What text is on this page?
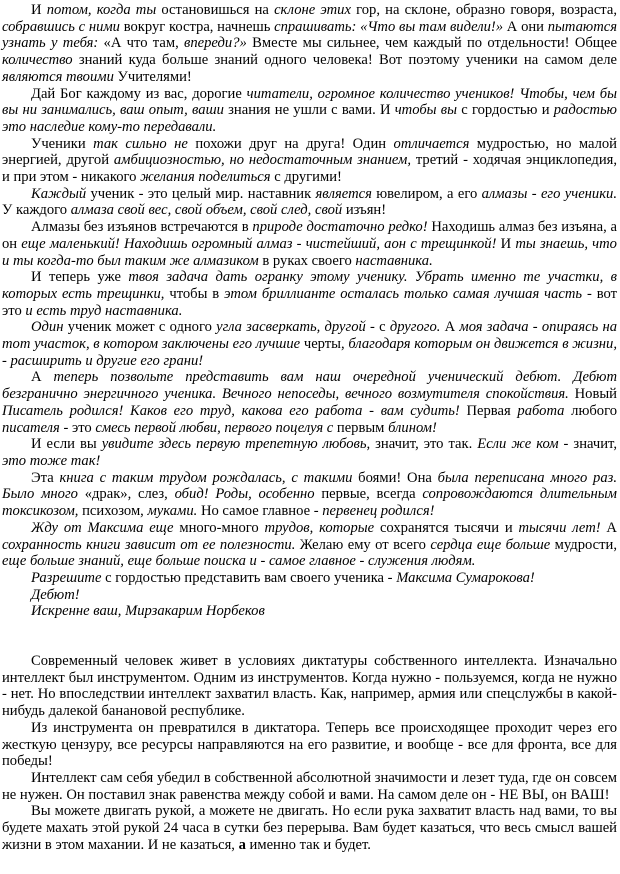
И потом, когда ты остановишься на склоне этих гор, на склоне, образно говоря, возраста, собравшись с ними вокруг костра, начнешь спрашивать: «Что вы там видели!» А они пытаются узнать у тебя: «А что там, впереди?» Вместе мы сильнее, чем каждый по отдельности! Общее количество знаний куда больше знаний одного человека! Вот поэтому ученики на самом деле являются твоими Учителями!

Дай Бог каждому из вас, дорогие читатели, огромное количество учеников! Чтобы, чем бы вы ни занимались, ваш опыт, ваши знания не ушли с вами. И чтобы вы с гордостью и радостью это наследие кому-то передавали.

Ученики так сильно не похожи друг на друга! Один отличается мудростью, но малой энергией, другой амбициозностью, но недостаточным знанием, третий - ходячая энциклопедия, и при этом - никакого желания поделиться с другими!

Каждый ученик - это целый мир. наставник является ювелиром, а его алмазы - его ученики. У каждого алмаза свой вес, свой объем, свой след, свой изъян!

Алмазы без изъянов встречаются в природе достаточно редко! Находишь алмаз без изъяна, а он еще маленький! Находишь огромный алмаз - чистейший, аон с трещинкой! И ты знаешь, что и ты когда-то был таким же алмазиком в руках своего наставника.

И теперь уже твоя задача дать огранку этому ученику. Убрать именно те участки, в которых есть трещинки, чтобы в этом бриллианте осталась только самая лучшая часть - вот это и есть труд наставника.

Один ученик может с одного угла засверкать, другой - с другого. А моя задача - опираясь на тот участок, в котором заключены его лучшие черты, благодаря которым он движется в жизни, - расширить и другие его грани!

А теперь позвольте представить вам наш очередной ученический дебют. Дебют безгранично энергичного ученика. Вечного непоседы, вечного возмутителя спокойствия. Новый Писатель родился! Каков его труд, какова его работа - вам судить! Первая работа любого писателя - это смесь первой любви, первого поцелуя с первым блином!

И если вы увидите здесь первую трепетную любовь, значит, это так. Если же ком - значит, это тоже так!

Эта книга с таким трудом рождалась, с такими боями! Она была переписана много раз. Было много «драк», слез, обид! Роды, особенно первые, всегда сопровождаются длительным токсикозом, психозом, муками. Но самое главное - первенец родился!

Жду от Максима еще много-много трудов, которые сохранятся тысячи и тысячи лет! А сохранность книги зависит от ее полезности. Желаю ему от всего сердца еще больше мудрости, еще больше знаний, еще больше поиска и - самое главное - служения людям.

Разрешите с гордостью представить вам своего ученика - Максима Сумарокова!

Дебют!

Искренне ваш, Мирзакарим Норбеков

Современный человек живет в условиях диктатуры собственного интеллекта. Изначально интеллект был инструментом. Одним из инструментов. Когда нужно - пользуемся, когда не нужно - нет. Но впоследствии интеллект захватил власть. Как, например, армия или спецслужбы в какой-нибудь далекой банановой республике.

Из инструмента он превратился в диктатора. Теперь все происходящее проходит через его жесткую цензуру, все ресурсы направляются на его развитие, и вообще - все для фронта, все для победы!

Интеллект сам себя убедил в собственной абсолютной значимости и лезет туда, где он совсем не нужен. Он поставил знак равенства между собой и вами. На самом деле он - НЕ ВЫ, он ВАШ!

Вы можете двигать рукой, а можете не двигать. Но если рука захватит власть над вами, то вы будете махать этой рукой 24 часа в сутки без перерыва. Вам будет казаться, что весь смысл вашей жизни в этом махании. И не казаться, а именно так и будет.
